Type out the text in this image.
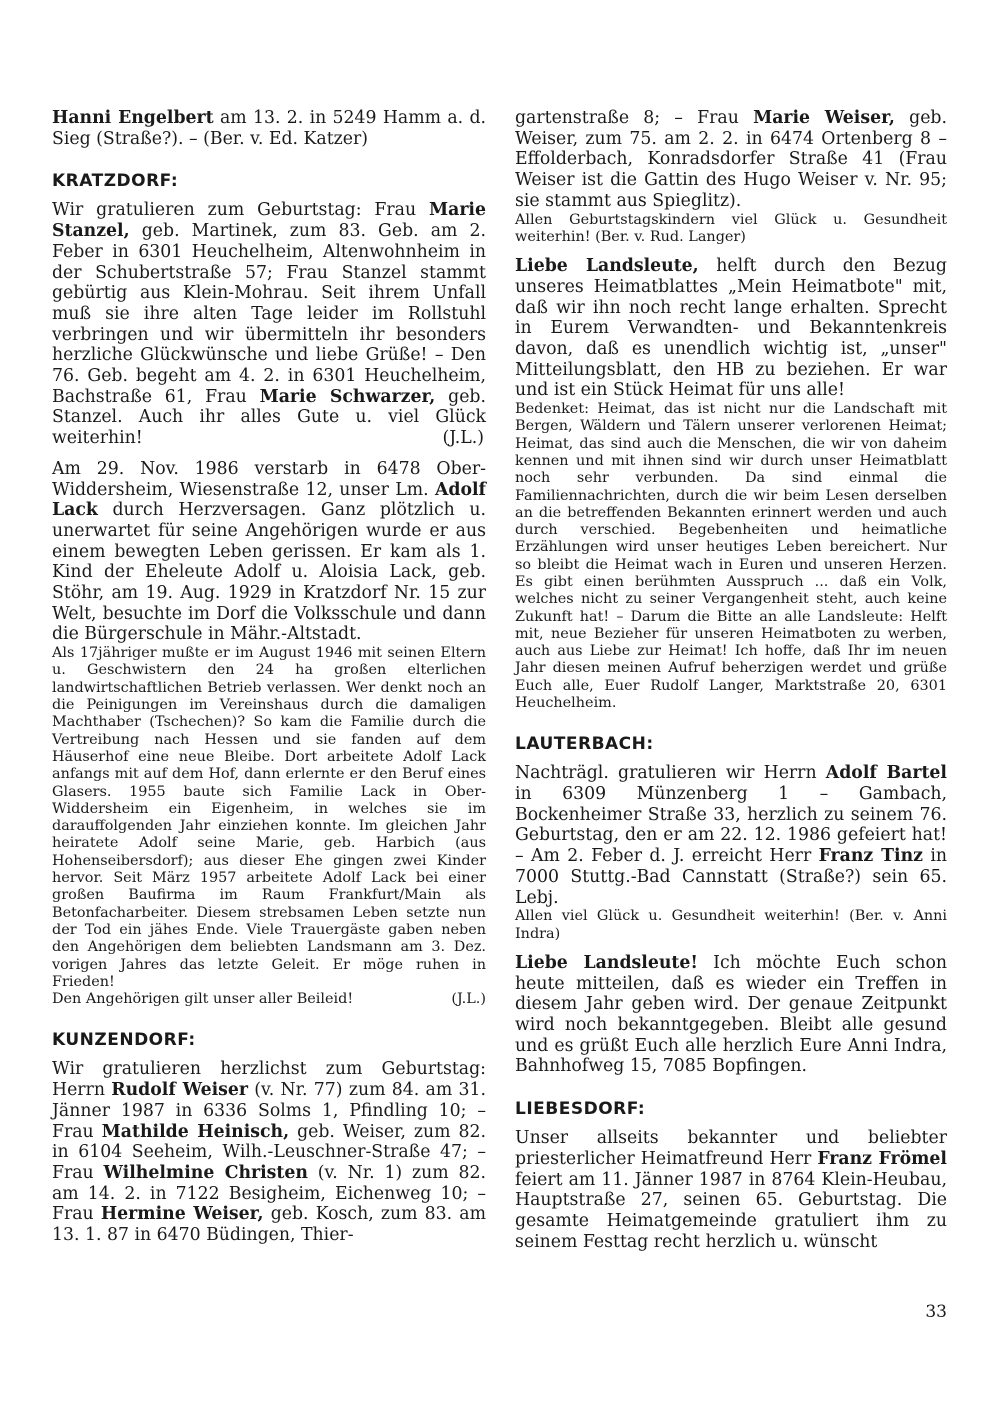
Hanni Engelbert am 13. 2. in 5249 Hamm a. d. Sieg (Straße?). – (Ber. v. Ed. Katzer)

KRATZDORF:

Wir gratulieren zum Geburtstag: Frau Marie Stanzel, geb. Martinek, zum 83. Geb. am 2. Feber in 6301 Heuchelheim, Altenwohnheim in der Schubertstraße 57; Frau Stanzel stammt gebürtig aus Klein-Mohrau. Seit ihrem Unfall muß sie ihre alten Tage leider im Rollstuhl verbringen und wir übermitteln ihr besonders herzliche Glückwünsche und liebe Grüße! – Den 76. Geb. begeht am 4. 2. in 6301 Heuchelheim, Bachstraße 61, Frau Marie Schwarzer, geb. Stanzel. Auch ihr alles Gute u. viel Glück weiterhin!	(J.L.)

Am 29. Nov. 1986 verstarb in 6478 Ober-Widdersheim, Wiesenstraße 12, unser Lm. Adolf Lack durch Herzversagen. Ganz plötzlich u. unerwartet für seine Angehörigen wurde er aus einem bewegten Leben gerissen. Er kam als 1. Kind der Eheleute Adolf u. Aloisia Lack, geb. Stöhr, am 19. Aug. 1929 in Kratzdorf Nr. 15 zur Welt, besuchte im Dorf die Volksschule und dann die Bürgerschule in Mähr.-Altstadt.

Als 17jähriger mußte er im August 1946 mit seinen Eltern u. Geschwistern den 24 ha großen elterlichen landwirtschaftlichen Betrieb verlassen. Wer denkt noch an die Peinigungen im Vereinshaus durch die damaligen Machthaber (Tschechen)? So kam die Familie durch die Vertreibung nach Hessen und sie fanden auf dem Häuserhof eine neue Bleibe. Dort arbeitete Adolf Lack anfangs mit auf dem Hof, dann erlernte er den Beruf eines Glasers. 1955 baute sich Familie Lack in Ober-Widdersheim ein Eigenheim, in welches sie im darauffolgenden Jahr einziehen konnte. Im gleichen Jahr heiratete Adolf seine Marie, geb. Harbich (aus Hohenseibersdorf); aus dieser Ehe gingen zwei Kinder hervor. Seit März 1957 arbeitete Adolf Lack bei einer großen Baufirma im Raum Frankfurt/Main als Betonfacharbeiter. Diesem strebsamen Leben setzte nun der Tod ein jähes Ende. Viele Trauergäste gaben neben den Angehörigen dem beliebten Landsmann am 3. Dez. vorigen Jahres das letzte Geleit. Er möge ruhen in Frieden!

Den Angehörigen gilt unser aller Beileid!	(J.L.)
KUNZENDORF:

Wir gratulieren herzlichst zum Geburtstag: Herrn Rudolf Weiser (v. Nr. 77) zum 84. am 31. Jänner 1987 in 6336 Solms 1, Pfindling 10; – Frau Mathilde Heinisch, geb. Weiser, zum 82. in 6104 Seeheim, Wilh.-Leuschner-Straße 47; – Frau Wilhelmine Christen (v. Nr. 1) zum 82. am 14. 2. in 7122 Besigheim, Eichenweg 10; – Frau Hermine Weiser, geb. Kosch, zum 83. am 13. 1. 87 in 6470 Büdingen, Thier-

gartenstraße 8; – Frau Marie Weiser, geb. Weiser, zum 75. am 2. 2. in 6474 Ortenberg 8 – Effolderbach, Konradsdorfer Straße 41 (Frau Weiser ist die Gattin des Hugo Weiser v. Nr. 95; sie stammt aus Spieglitz).

Allen Geburtstagskindern viel Glück u. Gesundheit weiterhin! (Ber. v. Rud. Langer)

Liebe Landsleute, helft durch den Bezug unseres Heimatblattes „Mein Heimatbote" mit, daß wir ihn noch recht lange erhalten. Sprecht in Eurem Verwandten- und Bekanntenkreis davon, daß es unendlich wichtig ist, „unser" Mitteilungsblatt, den HB zu beziehen. Er war und ist ein Stück Heimat für uns alle!

Bedenket: Heimat, das ist nicht nur die Landschaft mit Bergen, Wäldern und Tälern unserer verlorenen Heimat; Heimat, das sind auch die Menschen, die wir von daheim kennen und mit ihnen sind wir durch unser Heimatblatt noch sehr verbunden. Da sind einmal die Familiennachrichten, durch die wir beim Lesen derselben an die betreffenden Bekannten erinnert werden und auch durch verschied. Begebenheiten und heimatliche Erzählungen wird unser heutiges Leben bereichert. Nur so bleibt die Heimat wach in Euren und unseren Herzen. Es gibt einen berühmten Ausspruch ... daß ein Volk, welches nicht zu seiner Vergangenheit steht, auch keine Zukunft hat! – Darum die Bitte an alle Landsleute: Helft mit, neue Bezieher für unseren Heimatboten zu werben, auch aus Liebe zur Heimat! Ich hoffe, daß Ihr im neuen Jahr diesen meinen Aufruf beherzigen werdet und grüße Euch alle, Euer Rudolf Langer, Marktstraße 20, 6301 Heuchelheim.

LAUTERBACH:

Nachträgl. gratulieren wir Herrn Adolf Bartel in 6309 Münzenberg 1 – Gambach, Bockenheimer Straße 33, herzlich zu seinem 76. Geburtstag, den er am 22. 12. 1986 gefeiert hat! – Am 2. Feber d. J. erreicht Herr Franz Tinz in 7000 Stuttg.-Bad Cannstatt (Straße?) sein 65. Lebj.

Allen viel Glück u. Gesundheit weiterhin! (Ber. v. Anni Indra)

Liebe Landsleute! Ich möchte Euch schon heute mitteilen, daß es wieder ein Treffen in diesem Jahr geben wird. Der genaue Zeitpunkt wird noch bekanntgegeben. Bleibt alle gesund und es grüßt Euch alle herzlich Eure Anni Indra, Bahnhofweg 15, 7085 Bopfingen.

LIEBESDORF:

Unser allseits bekannter und beliebter priesterlicher Heimatfreund Herr Franz Frömel feiert am 11. Jänner 1987 in 8764 Klein-Heubau, Hauptstraße 27, seinen 65. Geburtstag. Die gesamte Heimatgemeinde gratuliert ihm zu seinem Festtag recht herzlich u. wünscht

33
